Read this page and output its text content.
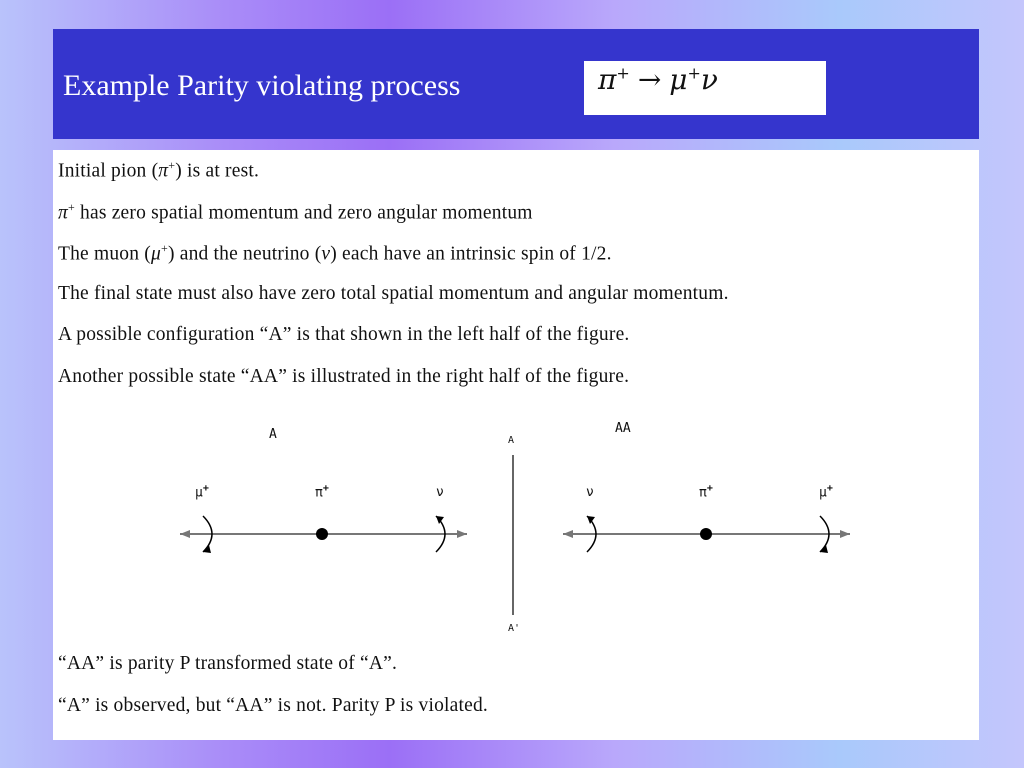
Example Parity violating process	π+ → μ+ν
Initial pion (π+) is at rest.
π+ has zero spatial momentum and zero angular momentum
The muon (μ+) and the neutrino (ν) each have an intrinsic spin of 1/2.
The final state must also have zero total spatial momentum and angular momentum.
A possible configuration “A” is that shown in the left half of the figure.
Another possible state “AA” is illustrated in the right half of the figure.
A	AA
A
A'
μ+	π+	ν	ν	π+	μ+
“AA” is parity P transformed state of “A”.
“A” is observed, but “AA” is not. Parity P is violated.
